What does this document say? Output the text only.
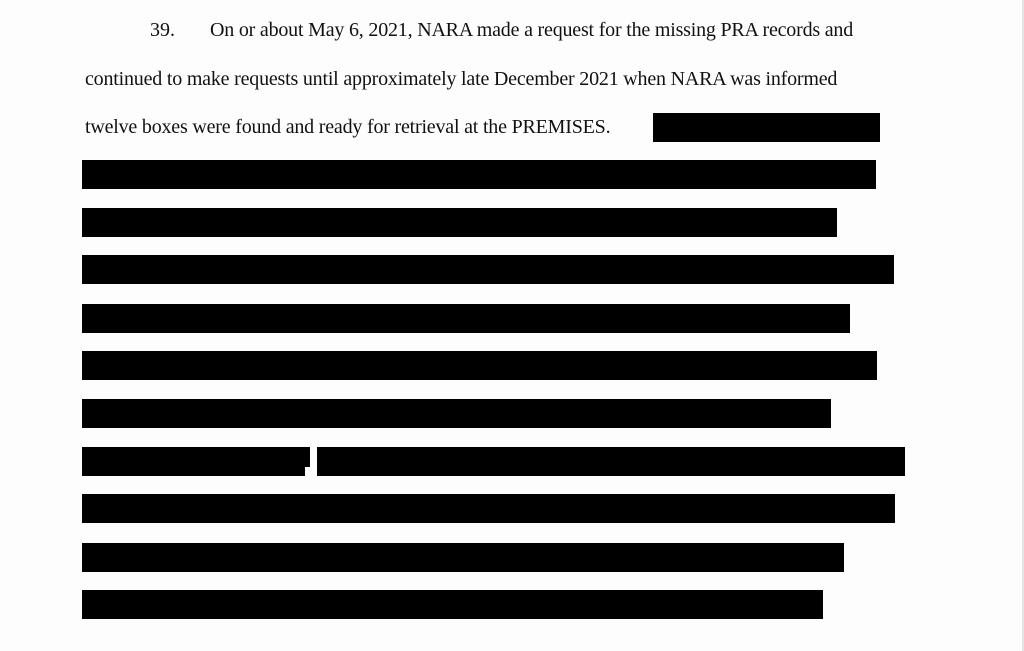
39. On or about May 6, 2021, NARA made a request for the missing PRA records and
continued to make requests until approximately late December 2021 when NARA was informed
twelve boxes were found and ready for retrieval at the PREMISES.
